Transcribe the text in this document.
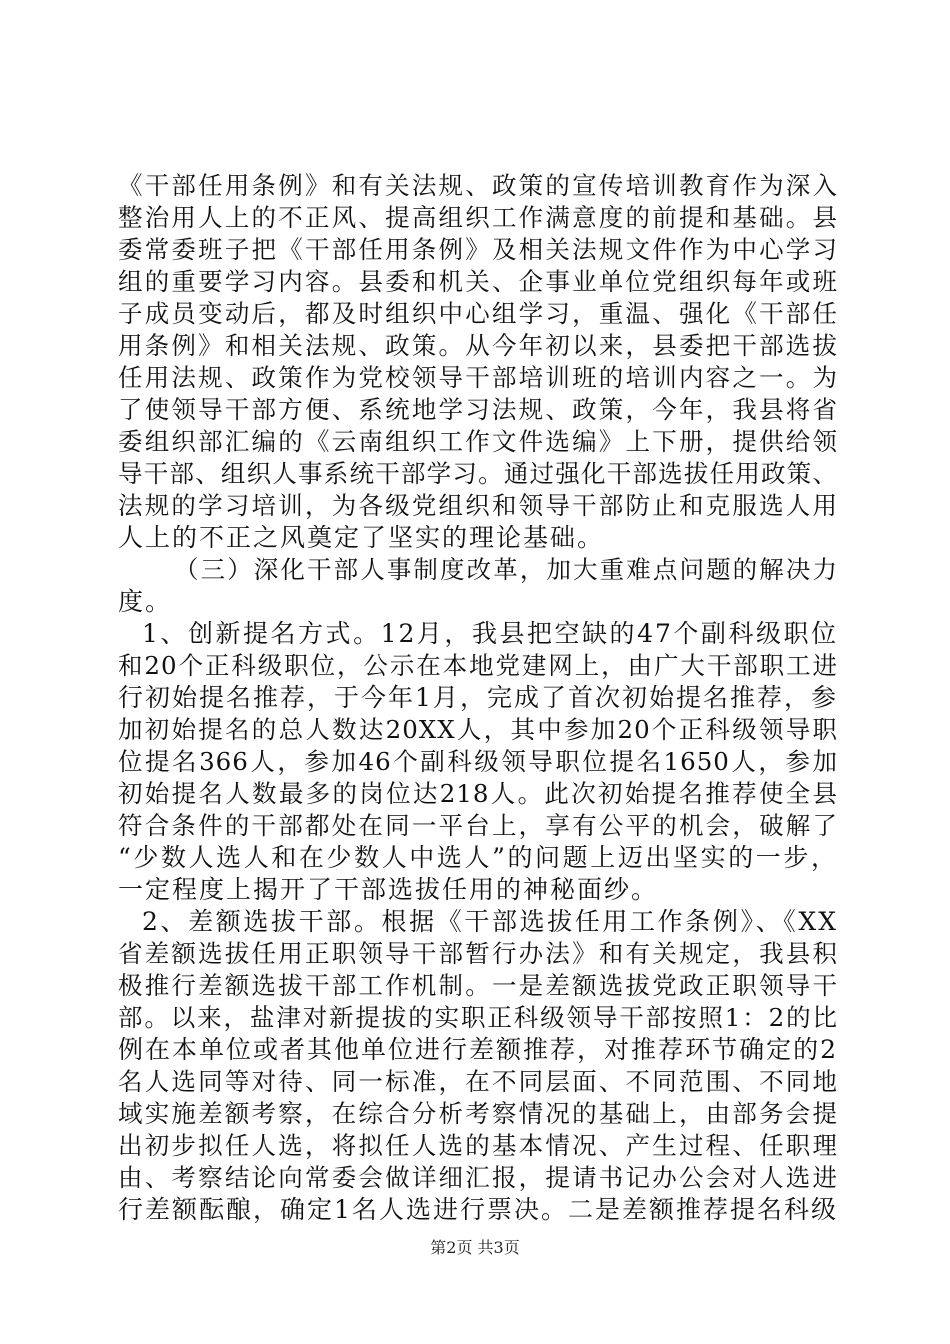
《干部任用条例》和有关法规、政策的宣传培训教育作为深入

整治用人上的不正风、提高组织工作满意度的前提和基础。县

委常委班子把《干部任用条例》及相关法规文件作为中心学习

组的重要学习内容。县委和机关、企事业单位党组织每年或班

子成员变动后，都及时组织中心组学习，重温、强化《干部任

用条例》和相关法规、政策。从今年初以来，县委把干部选拔

任用法规、政策作为党校领导干部培训班的培训内容之一。为

了使领导干部方便、系统地学习法规、政策，今年，我县将省

委组织部汇编的《云南组织工作文件选编》上下册，提供给领

导干部、组织人事系统干部学习。通过强化干部选拔任用政策、

法规的学习培训，为各级党组织和领导干部防止和克服选人用

人上的不正之风奠定了坚实的理论基础。

（三）深化干部人事制度改革，加大重难点问题的解决力

度。

1、创新提名方式。12月，我县把空缺的47个副科级职位

和20个正科级职位，公示在本地党建网上，由广大干部职工进

行初始提名推荐，于今年1月，完成了首次初始提名推荐，参

加初始提名的总人数达20XX人，其中参加20个正科级领导职

位提名366人，参加46个副科级领导职位提名1650人，参加

初始提名人数最多的岗位达218人。此次初始提名推荐使全县

符合条件的干部都处在同一平台上，享有公平的机会，破解了

“少数人选人和在少数人中选人”的问题上迈出坚实的一步，

一定程度上揭开了干部选拔任用的神秘面纱。

2、差额选拔干部。根据《干部选拔任用工作条例》、《XX

省差额选拔任用正职领导干部暂行办法》和有关规定，我县积

极推行差额选拔干部工作机制。一是差额选拔党政正职领导干

部。以来，盐津对新提拔的实职正科级领导干部按照1：2的比

例在本单位或者其他单位进行差额推荐，对推荐环节确定的2

名人选同等对待、同一标准，在不同层面、不同范围、不同地

域实施差额考察，在综合分析考察情况的基础上，由部务会提

出初步拟任人选，将拟任人选的基本情况、产生过程、任职理

由、考察结论向常委会做详细汇报，提请书记办公会对人选进

行差额酝酿，确定1名人选进行票决。二是差额推荐提名科级

第2页 共3页
